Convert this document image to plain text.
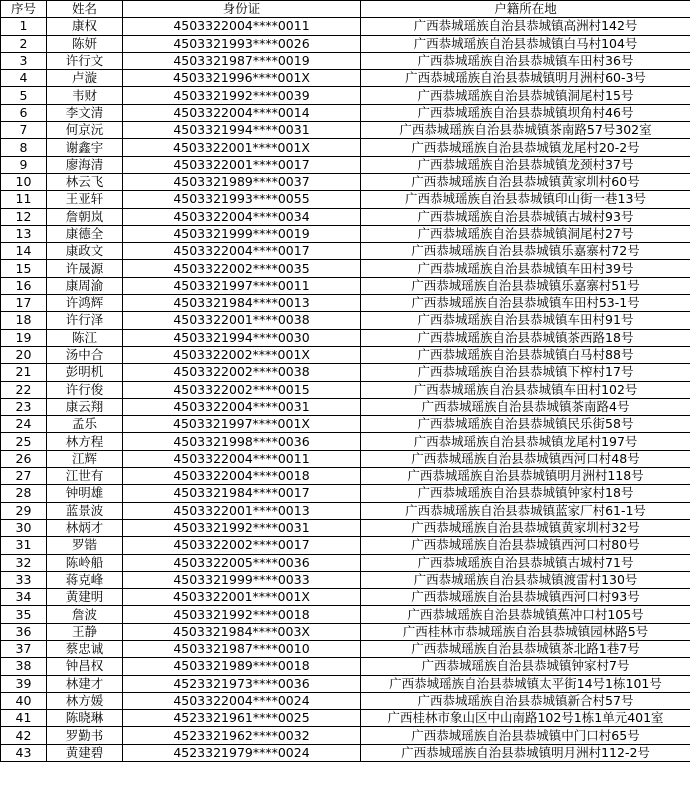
序号	姓名	身份证	户籍所在地
1	康权	4503322004****0011	广西恭城瑶族自治县恭城镇高洲村142号
2	陈妍	4503321993****0026	广西恭城瑶族自治县恭城镇白马村104号
3	许行文	4503321987****0019	广西恭城瑶族自治县恭城镇车田村36号
4	卢漩	4503321996****001X	广西恭城瑶族自治县恭城镇明月洲村60-3号
5	韦财	4503321992****0039	广西恭城瑶族自治县恭城镇洞尾村15号
6	李文清	4503322004****0014	广西恭城瑶族自治县恭城镇坝角村46号
7	何京沅	4503321994****0031	广西恭城瑶族自治县恭城镇茶南路57号302室
8	谢鑫宇	4503322001****001X	广西恭城瑶族自治县恭城镇龙尾村20-2号
9	廖海清	4503322001****0017	广西恭城瑶族自治县恭城镇龙颈村37号
10	林云飞	4503321989****0037	广西恭城瑶族自治县恭城镇黄家圳村60号
11	王亚轩	4503321993****0055	广西恭城瑶族自治县恭城镇印山街一巷13号
12	詹朝岚	4503322004****0034	广西恭城瑶族自治县恭城镇古城村93号
13	康德全	4503321999****0019	广西恭城瑶族自治县恭城镇洞尾村27号
14	康政文	4503322004****0017	广西恭城瑶族自治县恭城镇乐嘉寨村72号
15	许晟源	4503322002****0035	广西恭城瑶族自治县恭城镇车田村39号
16	康周渝	4503321997****0011	广西恭城瑶族自治县恭城镇乐嘉寨村51号
17	许鸿辉	4503321984****0013	广西恭城瑶族自治县恭城镇车田村53-1号
18	许行泽	4503322001****0038	广西恭城瑶族自治县恭城镇车田村91号
19	陈江	4503321994****0030	广西恭城瑶族自治县恭城镇茶西路18号
20	汤中合	4503322002****001X	广西恭城瑶族自治县恭城镇白马村88号
21	彭明机	4503322002****0038	广西恭城瑶族自治县恭城镇下榨村17号
22	许行俊	4503322002****0015	广西恭城瑶族自治县恭城镇车田村102号
23	康云翔	4503322004****0031	广西恭城瑶族自治县恭城镇茶南路4号
24	孟乐	4503321997****001X	广西恭城瑶族自治县恭城镇民乐街58号
25	林方程	4503321998****0036	广西恭城瑶族自治县恭城镇龙尾村197号
26	江辉	4503322004****0011	广西恭城瑶族自治县恭城镇西河口村48号
27	江世有	4503322004****0018	广西恭城瑶族自治县恭城镇明月洲村118号
28	钟明雄	4503321984****0017	广西恭城瑶族自治县恭城镇钟家村18号
29	蓝景波	4503322001****0013	广西恭城瑶族自治县恭城镇蓝家厂村61-1号
30	林炳才	4503321992****0031	广西恭城瑶族自治县恭城镇黄家圳村32号
31	罗锴	4503322002****0017	广西恭城瑶族自治县恭城镇西河口村80号
32	陈岭船	4503322005****0036	广西恭城瑶族自治县恭城镇古城村71号
33	蒋克峰	4503321999****0033	广西恭城瑶族自治县恭城镇渡雷村130号
34	黄建明	4503322001****001X	广西恭城瑶族自治县恭城镇西河口村93号
35	詹波	4503321992****0018	广西恭城瑶族自治县恭城镇蕉冲口村105号
36	王静	4503321984****003X	广西桂林市恭城瑶族自治县恭城镇园林路5号
37	蔡忠诚	4503321987****0010	广西恭城瑶族自治县恭城镇茶北路1巷7号
38	钟昌权	4503321989****0018	广西恭城瑶族自治县恭城镇钟家村7号
39	林建才	4523321973****0036	广西恭城瑶族自治县恭城镇太平街14号1栋101号
40	林方媛	4503322004****0024	广西恭城瑶族自治县恭城镇新合村57号
41	陈晓琳	4523321961****0025	广西桂林市象山区中山南路102号1栋1单元401室
42	罗勤书	4523321962****0032	广西恭城瑶族自治县恭城镇中门口村65号
43	黄建碧	4523321979****0024	广西恭城瑶族自治县恭城镇明月洲村112-2号
